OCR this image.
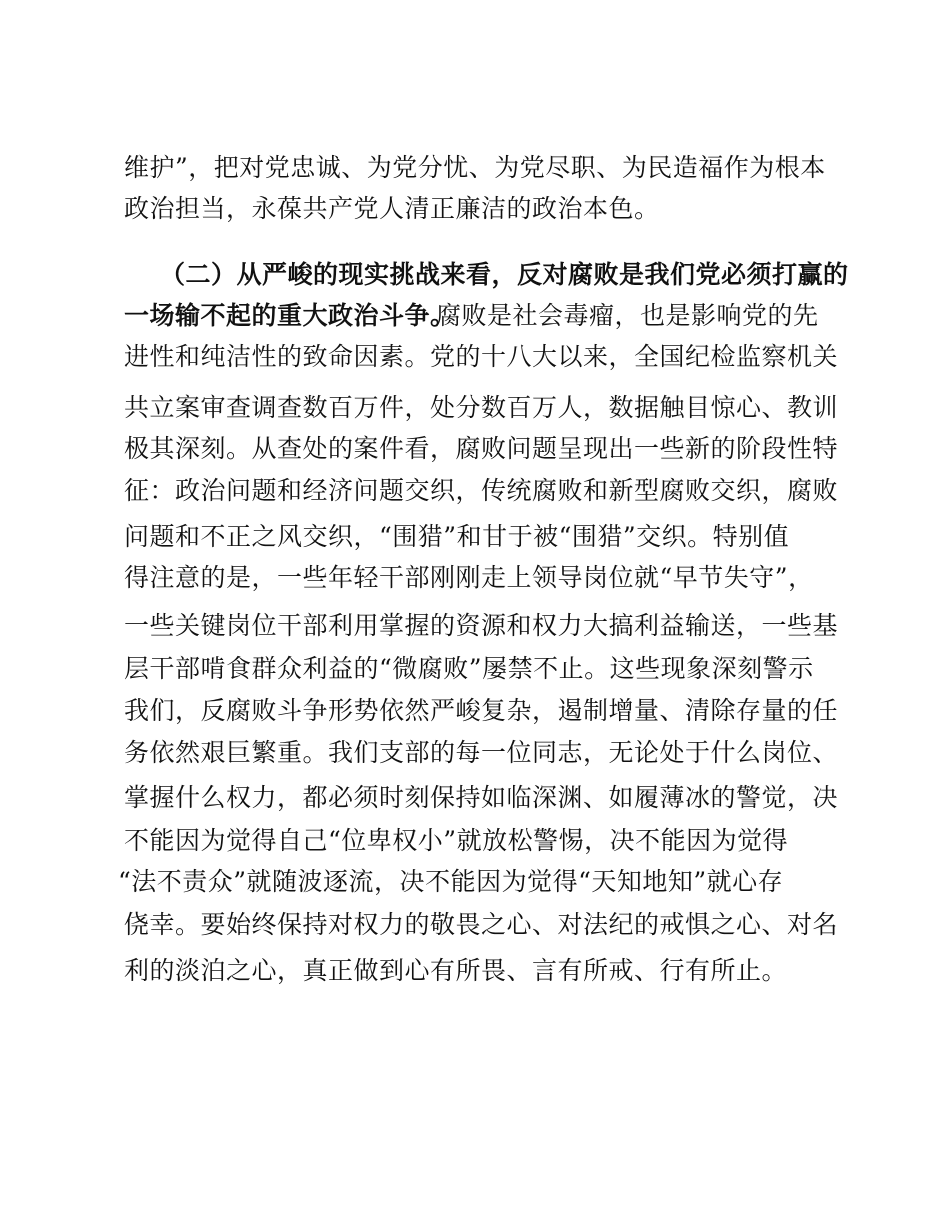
维护”，把对党忠诚、为党分忧、为党尽职、为民造福作为根本
政治担当，永葆共产党人清正廉洁的政治本色。
（二）从严峻的现实挑战来看，反对腐败是我们党必须打赢的
一场输不起的重大政治斗争。
腐败是社会毒瘤，也是影响党的先
进性和纯洁性的致命因素。党的十八大以来，全国纪检监察机关
共立案审查调查数百万件，处分数百万人，数据触目惊心、教训
极其深刻。从查处的案件看，腐败问题呈现出一些新的阶段性特
征：政治问题和经济问题交织，传统腐败和新型腐败交织，腐败
问题和不正之风交织，“围猎”和甘于被“围猎”交织。特别值
得注意的是，一些年轻干部刚刚走上领导岗位就“早节失守”，
一些关键岗位干部利用掌握的资源和权力大搞利益输送，一些基
层干部啃食群众利益的“微腐败”屡禁不止。这些现象深刻警示
我们，反腐败斗争形势依然严峻复杂，遏制增量、清除存量的任
务依然艰巨繁重。我们支部的每一位同志，无论处于什么岗位、
掌握什么权力，都必须时刻保持如临深渊、如履薄冰的警觉，决
不能因为觉得自己“位卑权小”就放松警惕，决不能因为觉得
“法不责众”就随波逐流，决不能因为觉得“天知地知”就心存
侥幸。要始终保持对权力的敬畏之心、对法纪的戒惧之心、对名
利的淡泊之心，真正做到心有所畏、言有所戒、行有所止。
